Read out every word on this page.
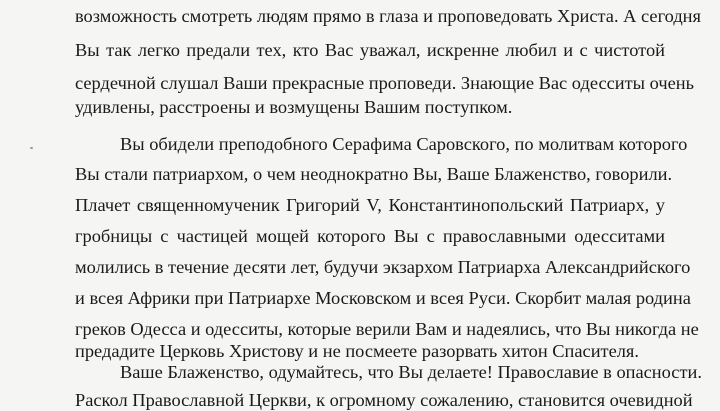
возможность смотреть людям прямо в глаза и проповедовать Христа. А сегодня
Вы так легко предали тех, кто Вас уважал, искренне любил и с чистотой
сердечной слушал Ваши прекрасные проповеди. Знающие Вас одесситы очень
удивлены, расстроены и возмущены Вашим поступком.
Вы обидели преподобного Серафима Саровского, по молитвам которого
Вы стали патриархом, о чем неоднократно Вы, Ваше Блаженство, говорили.
Плачет священномученик Григорий V, Константинопольский Патриарх, у
гробницы с частицей мощей которого Вы с православными одесситами
молились в течение десяти лет, будучи экзархом Патриарха Александрийского
и всея Африки при Патриархе Московском и всея Руси. Скорбит малая родина
греков Одесса и одесситы, которые верили Вам и надеялись, что Вы никогда не
предадите Церковь Христову и не посмеете разорвать хитон Спасителя.
Ваше Блаженство, одумайтесь, что Вы делаете! Православие в опасности.
Раскол Православной Церкви, к огромному сожалению, становится очевидной
